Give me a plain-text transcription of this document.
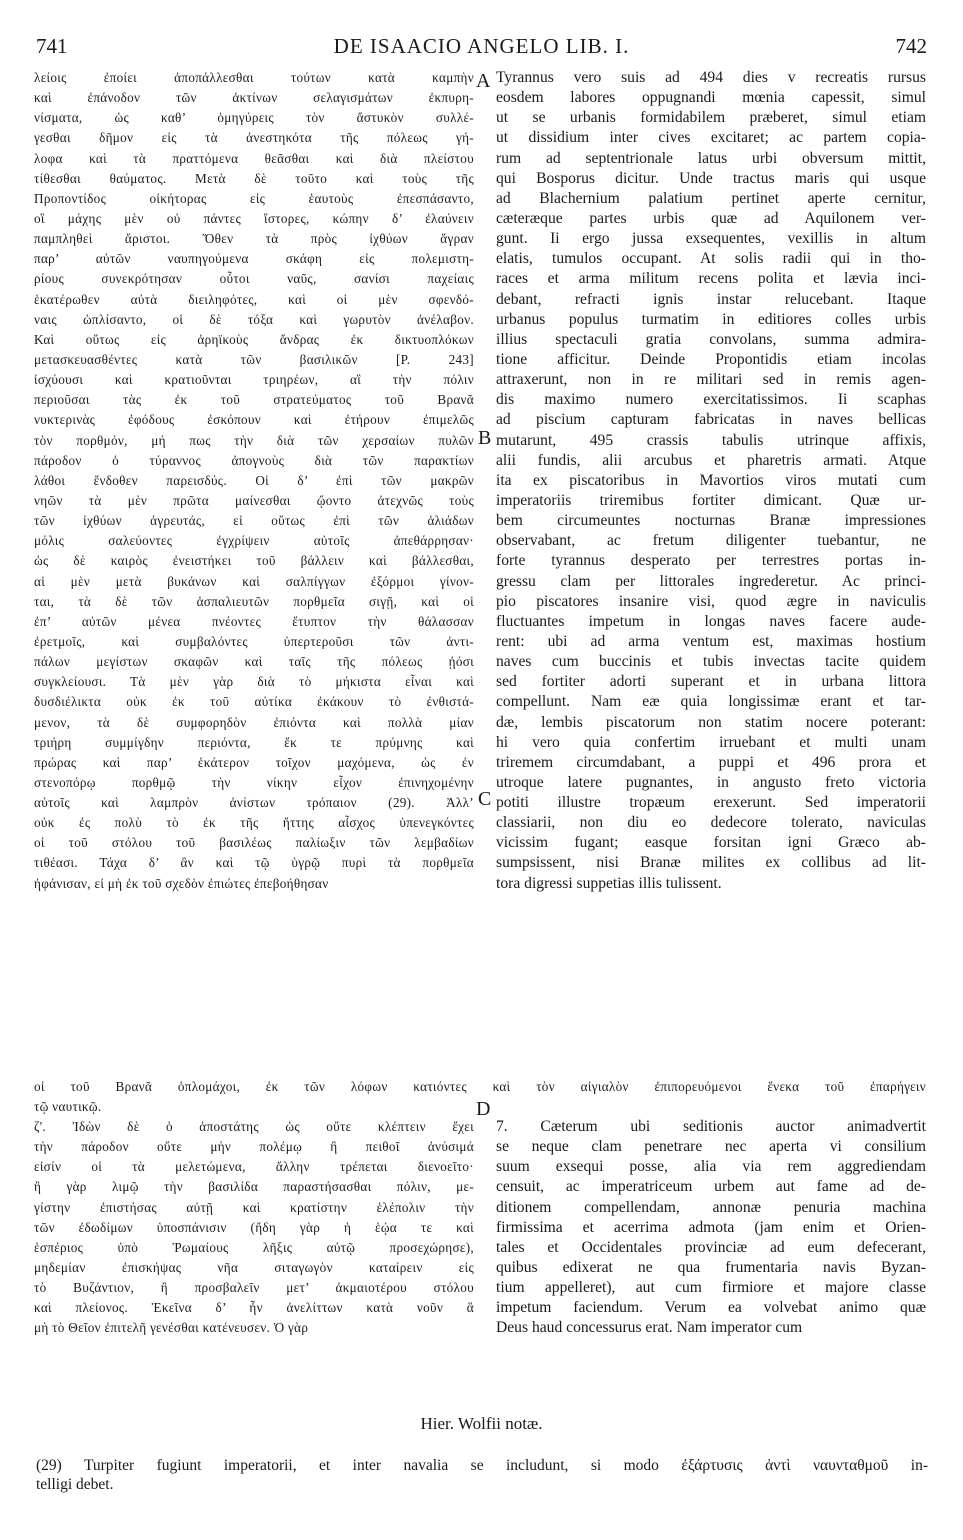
741	DE ISAACIO ANGELO LIB. I.	742
A
B
C
D
λείοις ἐποίει ἀποπάλλεσθαι τούτων κατὰ καμπὴν
καὶ ἐπάνοδον τῶν ἀκτίνων σελαγισμάτων ἐκπυρη-
νίσματα, ὡς καθ’ ὁμηγύρεις τὸν ἄστυκὸν συλλέ-
γεσθαι δῆμον εἰς τὰ ἀνεστηκότα τῆς πόλεως γή-
λοφα καὶ τὰ πραττόμενα θεᾶσθαι καὶ διὰ πλείστου
τίθεσθαι θαύματος. Μετὰ δὲ τοῦτο καὶ τοὺς τῆς
Προποντίδος οἰκήτορας εἰς ἑαυτοὺς ἐπεσπάσαντο,
οἳ μάχης μὲν οὐ πάντες ἵστορες, κώπην δ’ ἐλαύνειν
παμπληθεὶ ἄριστοι. Ὅθεν τὰ πρὸς ἰχθύων ἄγραν
παρ’ αὐτῶν ναυπηγούμενα σκάφη εἰς πολεμιστη-
ρίους συνεκρότησαν οὗτοι ναῦς, σανίσι παχείαις
ἑκατέρωθεν αὐτὰ διειληφότες, καὶ οἱ μὲν σφενδό-
ναις ὡπλίσαντο, οἱ δὲ τόξα καὶ γωρυτὸν ἀνέλαβον.
Καὶ οὕτως εἰς ἀρηϊκοὺς ἄνδρας ἐκ δικτυοπλόκων
μετασκευασθέντες κατὰ τῶν βασιλικῶν [P. 243]
ἰσχύουσι καὶ κρατιοῦνται τριηρέων, αἳ τὴν πόλιν
περιοῦσαι τὰς ἐκ τοῦ στρατεύματος τοῦ Βρανᾶ
νυκτερινὰς ἐφόδους ἐσκόπουν καὶ ἐτήρουν ἐπιμελῶς
τὸν πορθμόν, μή πως τὴν διὰ τῶν χερσαίων πυλῶν
πάροδον ὁ τύραννος ἀπογνοὺς διὰ τῶν παρακτίων
λάθοι ἔνδοθεν παρεισδύς. Οἱ δ’ ἐπὶ τῶν μακρῶν
νηῶν τὰ μὲν πρῶτα μαίνεσθαι ᾤοντο ἀτεχνῶς τοὺς
τῶν ἰχθύων ἀγρευτάς, εἰ οὕτως ἐπὶ τῶν ἁλιάδων
μόλις σαλεύοντες ἐγχρίψειν αὐτοῖς ἀπεθάρρησαν·
ὡς δὲ καιρὸς ἐνειστήκει τοῦ βάλλειν καὶ βάλλεσθαι,
αἱ μὲν μετὰ βυκάνων καὶ σαλπίγγων ἐξόρμοι γίνον-
ται, τὰ δὲ τῶν ἁσπαλιευτῶν πορθμεῖα σιγῇ, καὶ οἱ
ἐπ’ αὐτῶν μένεα πνέοντες ἔτυπτον τὴν θάλασσαν
ἐρετμοῖς, καὶ συμβαλόντες ὑπερτεροῦσι τῶν ἀντι-
πάλων μεγίστων σκαφῶν καὶ ταῖς τῆς πόλεως ᾐόσι
συγκλείουσι. Τὰ μὲν γὰρ διὰ τὸ μήκιστα εἶναι καὶ
δυσδιέλικτα οὐκ ἐκ τοῦ αὐτίκα ἐκάκουν τὸ ἐνθιστά-
μενον, τὰ δὲ συμφορηδὸν ἐπιόντα καὶ πολλὰ μίαν
τριήρη συμμίγδην περιόντα, ἔκ τε πρύμνης καὶ
πρώρας καὶ παρ’ ἑκάτερον τοῖχον μαχόμενα, ὡς ἐν
στενοπόρῳ πορθμῷ τὴν νίκην εἶχον ἐπινηχομένην
αὐτοῖς καὶ λαμπρὸν ἀνίστων τρόπαιον (29). Ἀλλ’
οὐκ ἐς πολὺ τὸ ἐκ τῆς ἥττης αἶσχος ὑπενεγκόντες
οἱ τοῦ στόλου τοῦ βασιλέως παλίωξιν τῶν λεμβαδίων
τιθέασι. Τάχα δ’ ἂν καὶ τῷ ὑγρῷ πυρὶ τὰ πορθμεῖα
ἠφάνισαν, εἰ μὴ ἐκ τοῦ σχεδὸν ἐπιώτες ἐπεβοήθησαν
Tyrannus vero suis ad 494 dies v recreatis rursus
eosdem labores oppugnandi mœnia capessit, simul
ut se urbanis formidabilem præberet, simul etiam
ut dissidium inter cives excitaret; ac partem copia-
rum ad septentrionale latus urbi obversum mittit,
qui Bosporus dicitur. Unde tractus maris qui usque
ad Blachernium palatium pertinet aperte cernitur,
cæteræque partes urbis quæ ad Aquilonem ver-
gunt. Ii ergo jussa exsequentes, vexillis in altum
elatis, tumulos occupant. At solis radii qui in tho-
races et arma militum recens polita et lævia inci-
debant, refracti ignis instar relucebant. Itaque
urbanus populus turmatim in editiores colles urbis
illius spectaculi gratia convolans, summa admira-
tione afficitur. Deinde Propontidis etiam incolas
attraxerunt, non in re militari sed in remis agen-
dis maximo numero exercitatissimos. Ii scaphas
ad piscium capturam fabricatas in naves bellicas
mutarunt, 495 crassis tabulis utrinque affixis,
alii fundis, alii arcubus et pharetris armati. Atque
ita ex piscatoribus in Mavortios viros mutati cum
imperatoriis triremibus fortiter dimicant. Quæ ur-
bem circumeuntes nocturnas Branæ impressiones
observabant, ac fretum diligenter tuebantur, ne
forte tyrannus desperato per terrestres portas in-
gressu clam per littorales ingrederetur. Ac princi-
pio piscatores insanire visi, quod ægre in naviculis
fluctuantes impetum in longas naves facere aude-
rent: ubi ad arma ventum est, maximas hostium
naves cum buccinis et tubis invectas tacite quidem
sed fortiter adorti superant et in urbana littora
compellunt. Nam eæ quia longissimæ erant et tar-
dæ, lembis piscatorum non statim nocere poterant:
hi vero quia confertim irruebant et multi unam
triremem circumdabant, a puppi et 496 prora et
utroque latere pugnantes, in angusto freto victoria
potiti illustre tropæum erexerunt. Sed imperatorii
classiarii, non diu eo dedecore tolerato, naviculas
vicissim fugant; easque forsitan igni Græco ab-
sumpsissent, nisi Branæ milites ex collibus ad lit-
tora digressi suppetias illis tulissent.
οἱ τοῦ Βρανᾶ ὁπλομάχοι, ἐκ τῶν λόφων κατιόντες καὶ τὸν αἰγιαλὸν ἐπιπορευόμενοι ἕνεκα τοῦ ἐπαρήγειν
τῷ ναυτικῷ.
ζ'. Ἰδὼν δὲ ὁ ἀποστάτης ὡς οὔτε κλέπτειν ἔχει
τὴν πάροδον οὔτε μὴν πολέμῳ ἢ πειθοῖ ἀνύσιμά
εἰσίν οἱ τὰ μελετώμενα, ἄλλην τρέπεται διενοεῖτο·
ἢ γὰρ λιμῷ τὴν βασιλίδα παραστήσασθαι πόλιν, με-
γίστην ἐπιστήσας αὐτῇ καὶ κρατίστην ἑλέπολιν τὴν
τῶν ἐδωδίμων ὑποσπάνισιν (ἤδη γὰρ ἡ ἑῴα τε καὶ
ἑσπέριος ὑπὸ Ῥωμαίους λῆξις αὐτῷ προσεχώρησε),
μηδεμίαν ἐπισκήψας νῆα σιταγωγὸν καταίρειν εἰς
τὸ Βυζάντιον, ἢ προσβαλεῖν μετ’ ἀκμαιοτέρου στόλου
καὶ πλείονος. Ἐκεῖνα δ’ ἦν ἀνελίττων κατὰ νοῦν ἃ
μὴ τὸ Θεῖον ἐπιτελῆ γενέσθαι κατένευσεν. Ὁ γὰρ
7. Cæterum ubi seditionis auctor animadvertit
se neque clam penetrare nec aperta vi consilium
suum exsequi posse, alia via rem aggrediendam
censuit, ac imperatriceum urbem aut fame ad de-
ditionem compellendam, annonæ penuria machina
firmissima et acerrima admota (jam enim et Orien-
tales et Occidentales provinciæ ad eum defecerant,
quibus edixerat ne qua frumentaria navis Byzan-
tium appelleret), aut cum firmiore et majore classe
impetum faciendum. Verum ea volvebat animo quæ
Deus haud concessurus erat. Nam imperator cum
Hier. Wolfii notæ.
(29) Turpiter fugiunt imperatorii, et inter navalia se includunt, si modo ἐξάρτυσις ἀντὶ ναυνταθμοῦ in-
telligi debet.
